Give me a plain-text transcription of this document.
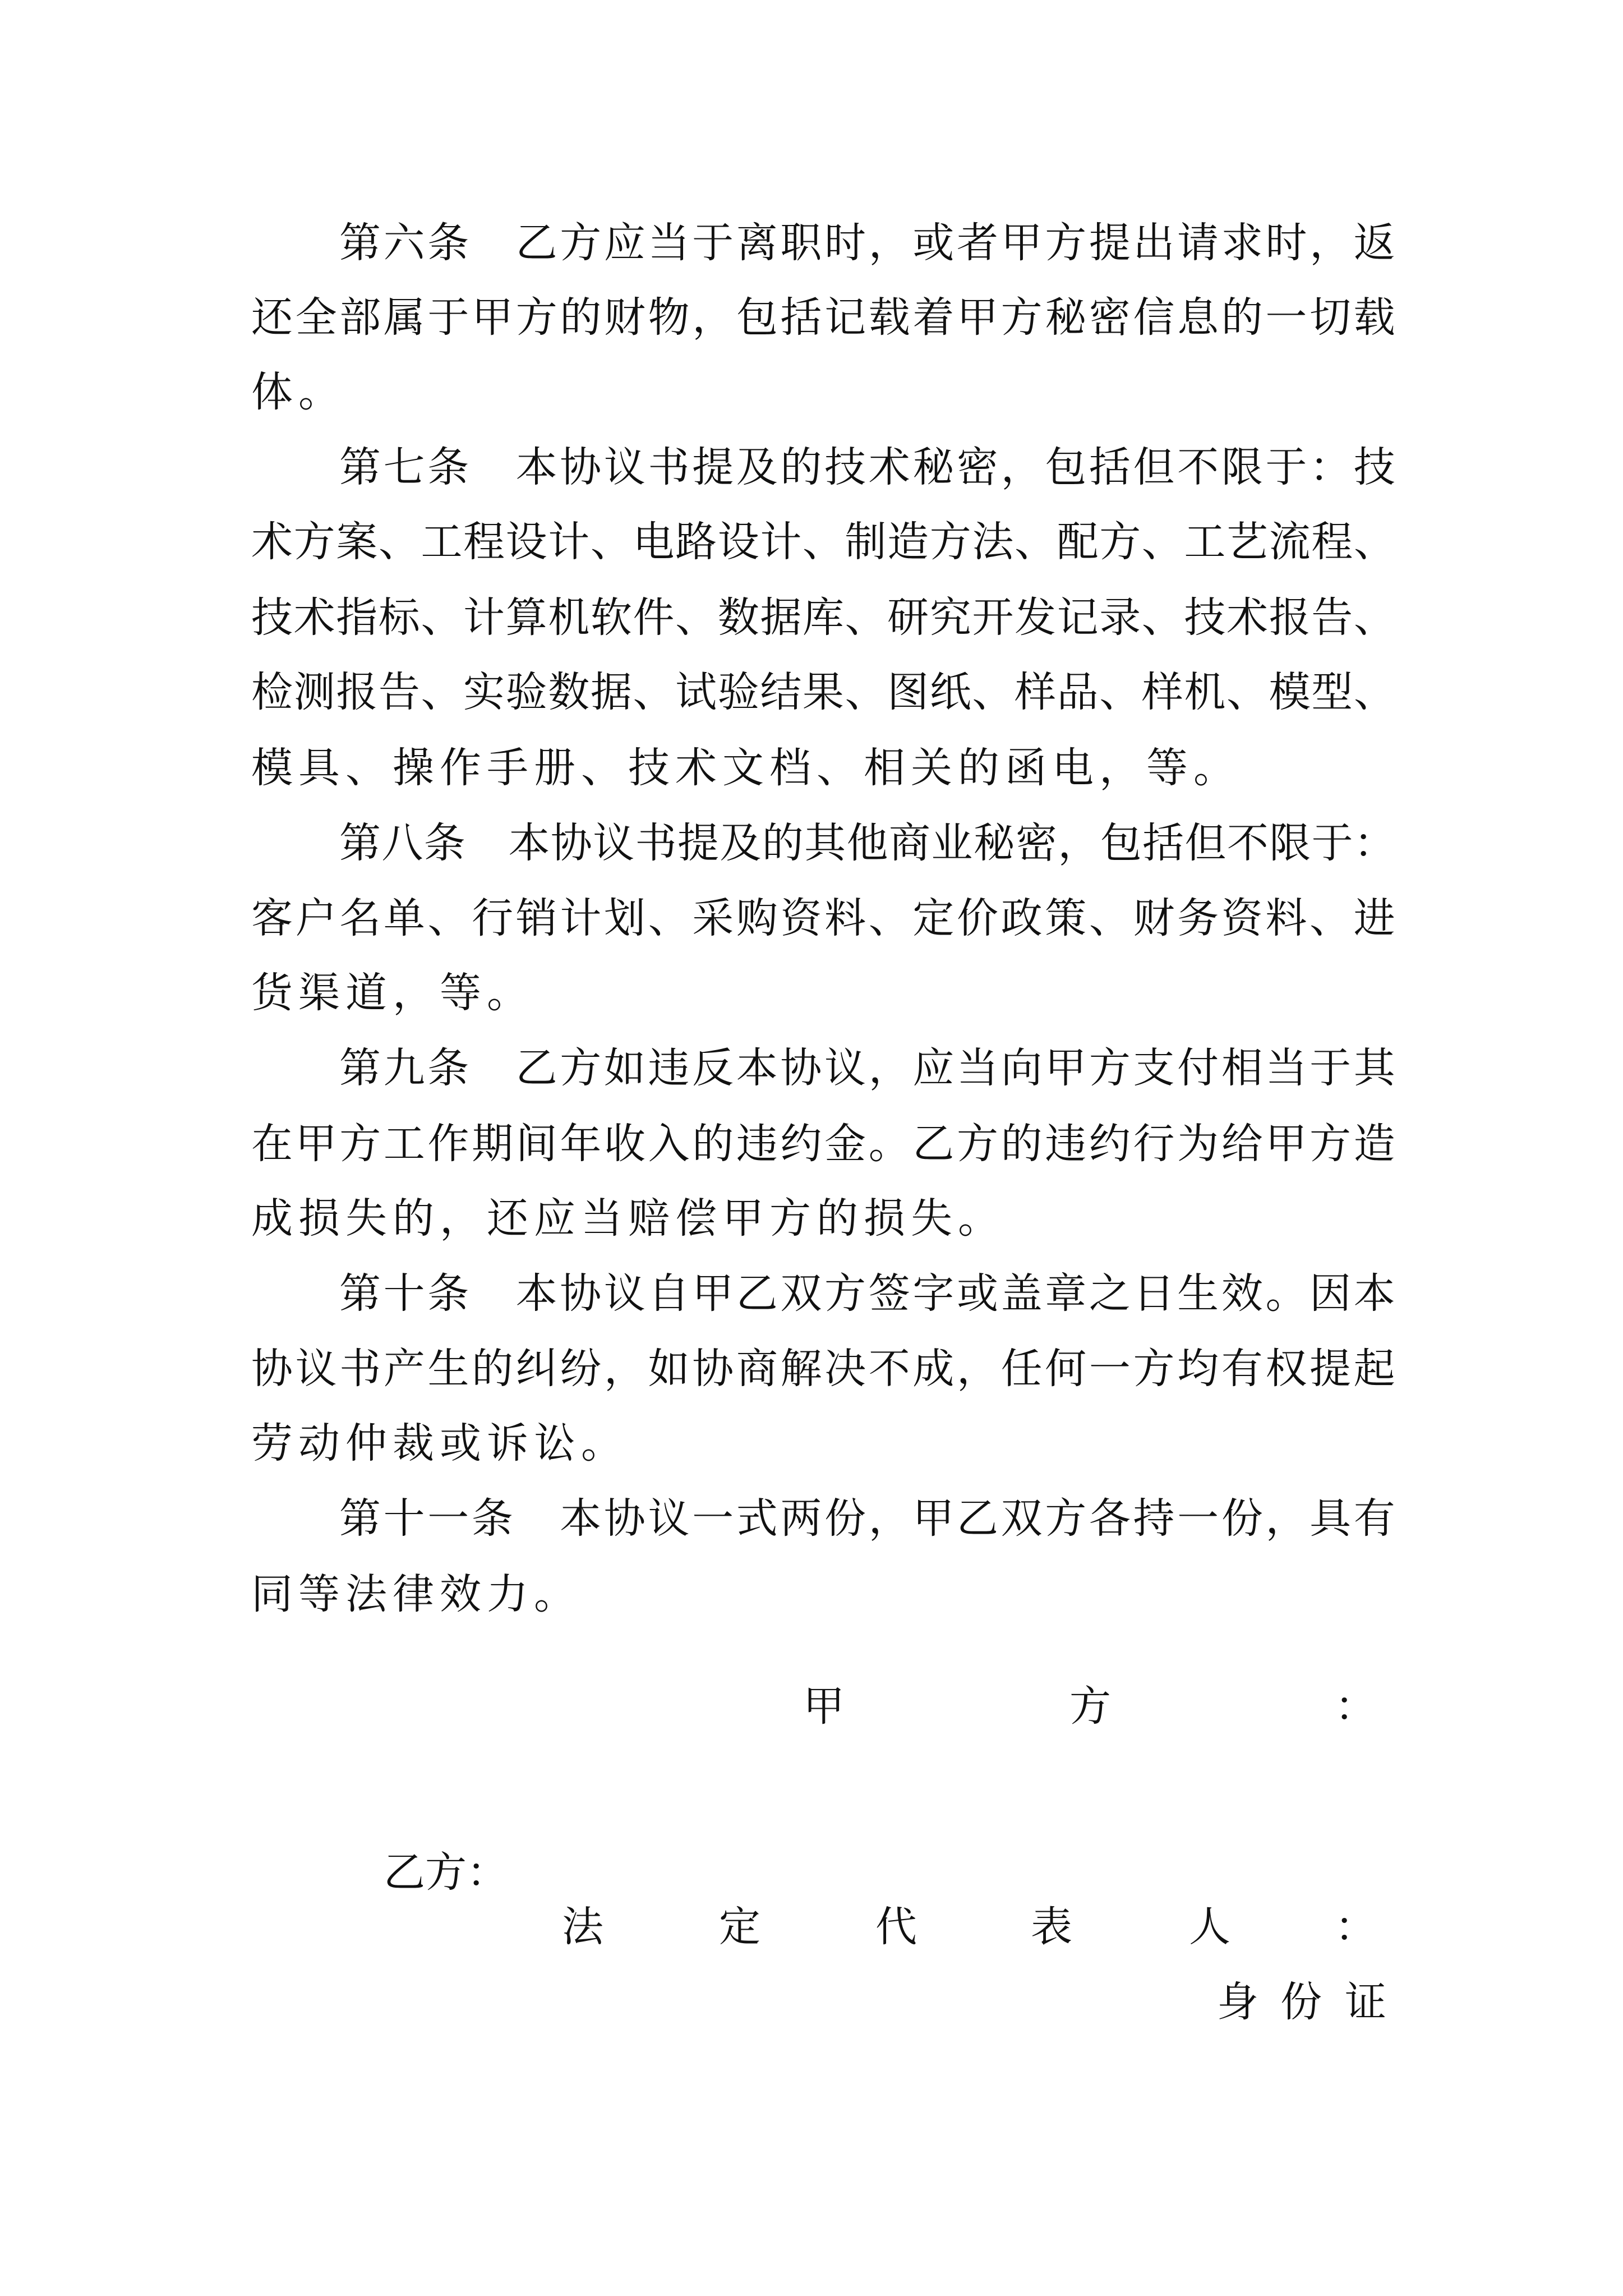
第 六 条
　 乙 方 应 当 于 离 职 时 ， 或 者 甲 方 提 出 请 求 时 ， 返
还 全 部 属 于 甲 方 的 财 物 ， 包 括 记 载 着 甲 方 秘 密 信 息 的 一 切 载
体 。
第 七 条
　 本 协 议 书 提 及 的 技 术 秘 密 ， 包 括 但 不 限 于 ： 技
术 方 案 、 工 程 设 计 、 电 路 设 计 、 制 造 方 法 、 配 方 、 工 艺 流 程 、
技 术 指 标 、 计 算 机 软 件 、 数 据 库 、 研 究 开 发 记 录 、 技 术 报 告 、
检 测 报 告 、 实 验 数 据 、 试 验 结 果 、 图 纸 、 样 品 、 样 机 、 模 型 、
模 具 、 操 作 手 册 、 技 术 文 档 、 相 关 的 函 电 ， 等 。
第 八 条
　 本 协 议 书 提 及 的 其 他 商 业 秘 密 ， 包 括 但 不 限 于 ：
客 户 名 单 、 行 销 计 划 、 采 购 资 料 、 定 价 政 策 、 财 务 资 料 、 进
货 渠 道 ， 等 。
第 九 条
　 乙 方 如 违 反 本 协 议 ， 应 当 向 甲 方 支 付 相 当 于 其
在 甲 方 工 作 期 间 年 收 入 的 违 约 金 。 乙 方 的 违 约 行 为 给 甲 方 造
成 损 失 的 ， 还 应 当 赔 偿 甲 方 的 损 失 。
第 十 条
　 本 协 议 自 甲 乙 双 方 签 字 或 盖 章 之 日 生 效 。 因 本
协 议 书 产 生 的 纠 纷 ， 如 协 商 解 决 不 成 ， 任 何 一 方 均 有 权 提 起
劳 动 仲 裁 或 诉 讼 。
第 十 一 条
　 本 协 议 一 式 两 份 ， 甲 乙 双 方 各 持 一 份 ， 具 有
同 等 法 律 效 力 。
甲	方	：
乙方：
法	定	代	表	人	：
身 份 证
